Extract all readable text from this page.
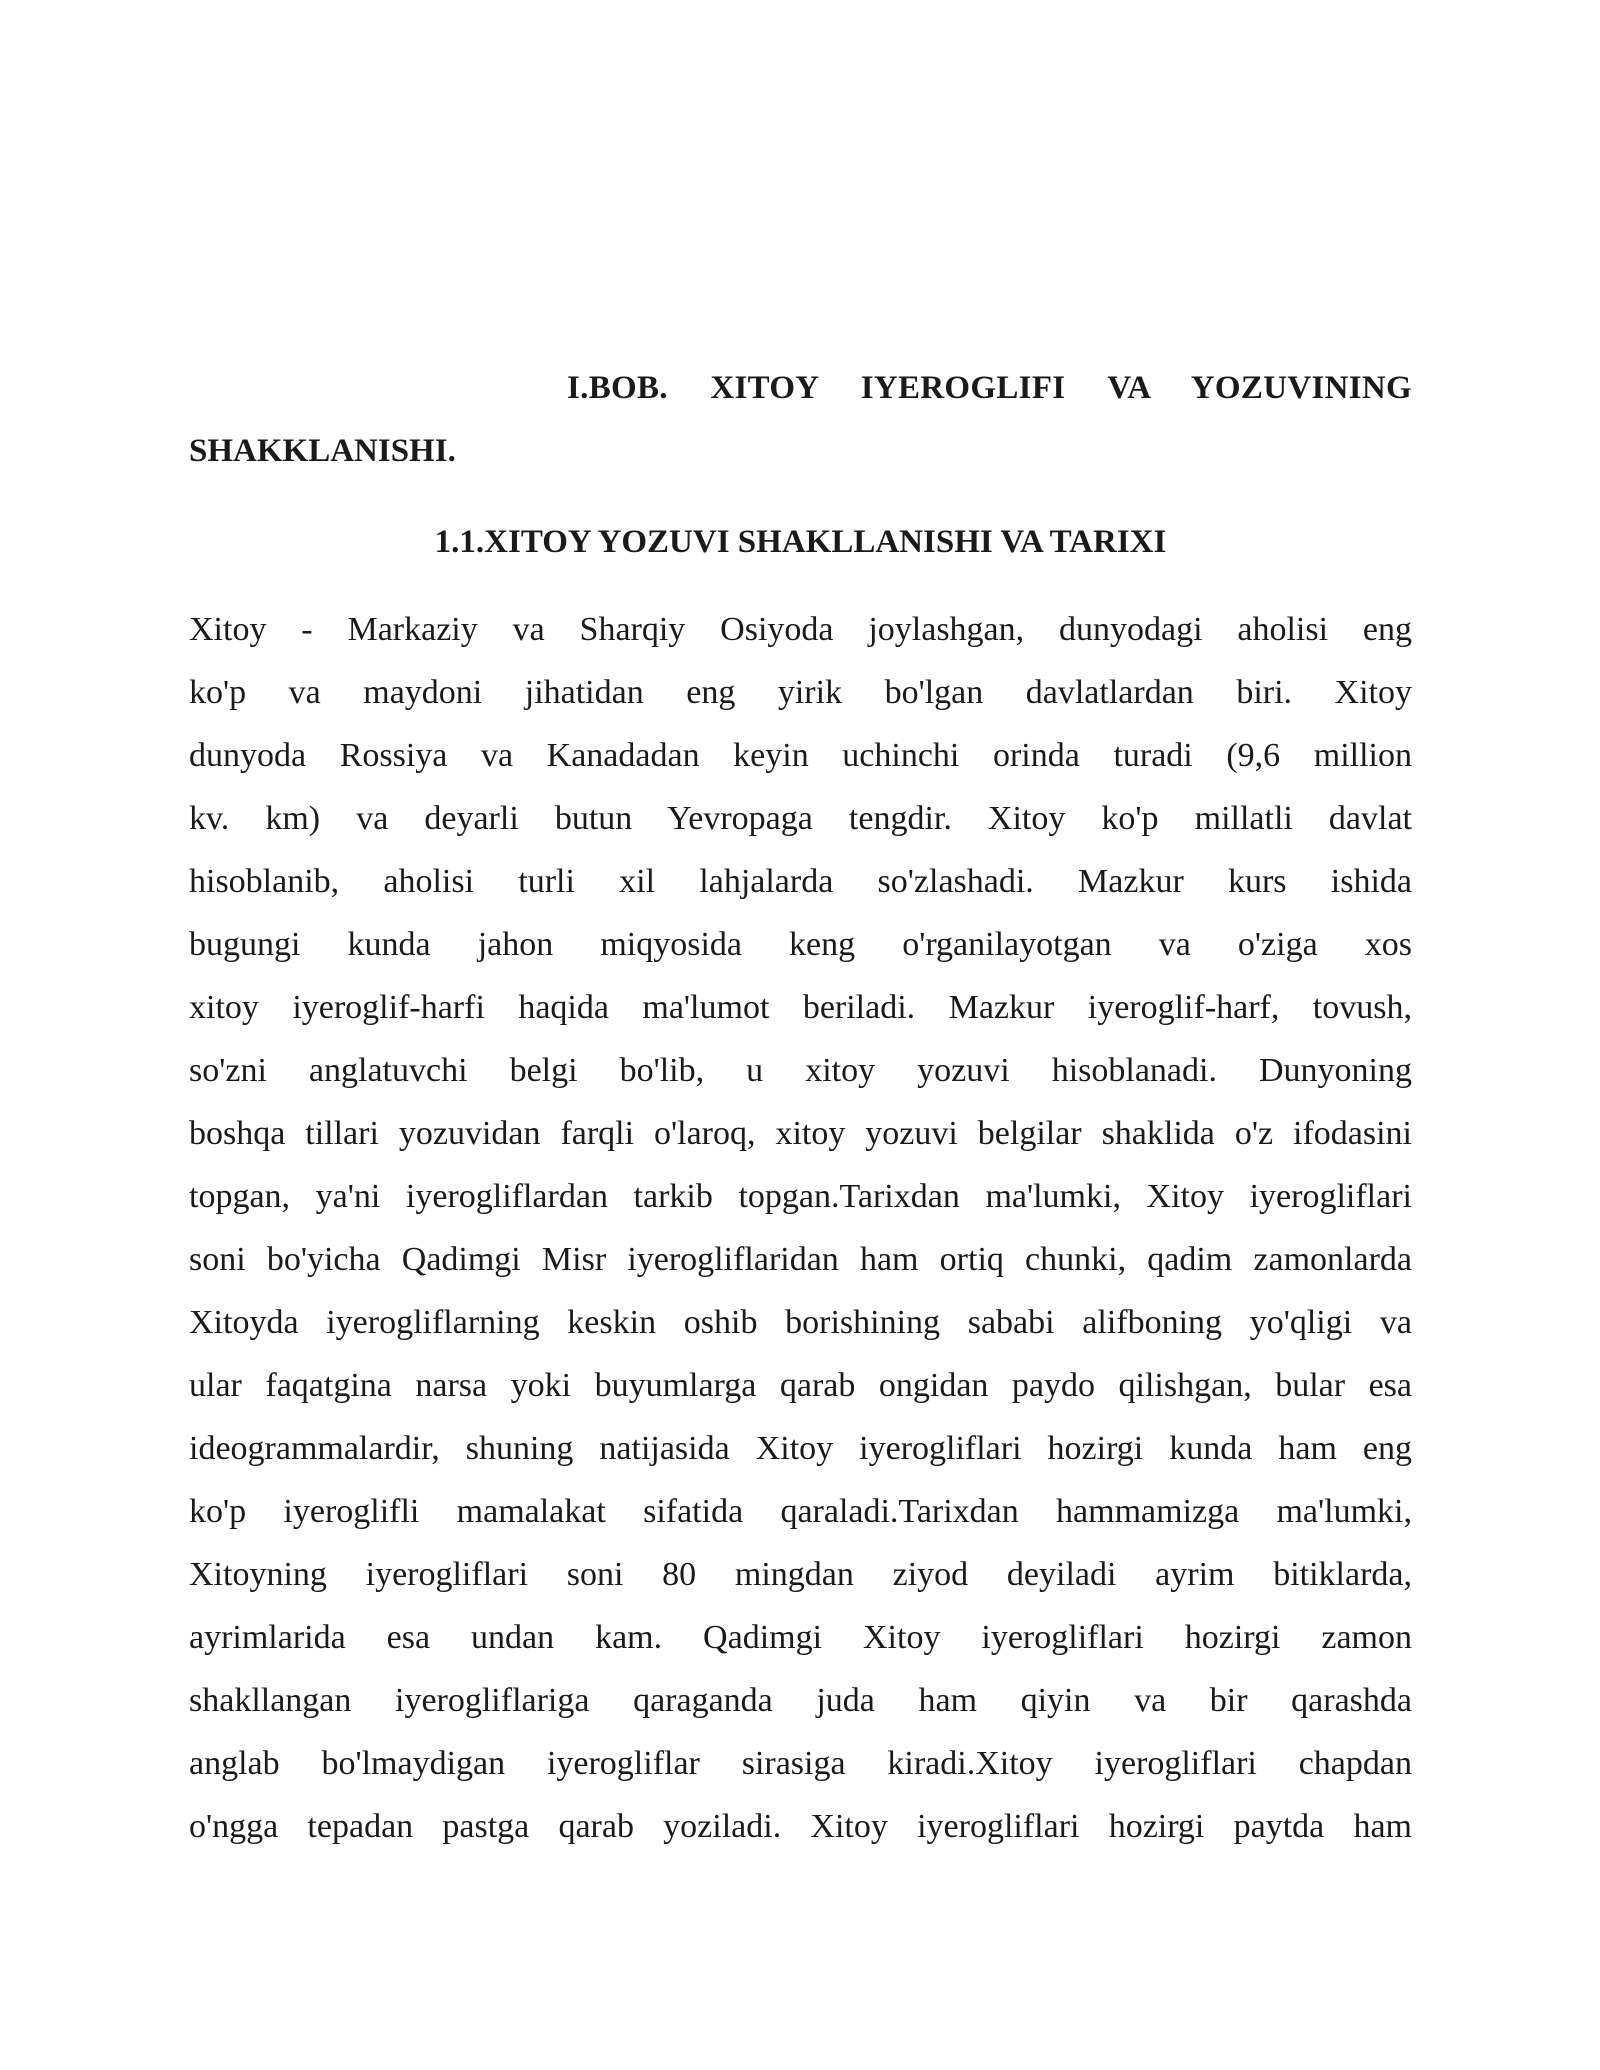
I.BOB. XITOY IYEROGLIFI VA YOZUVINING
SHAKKLANISHI.
1.1.XITOY YOZUVI SHAKLLANISHI VA TARIXI
Xitoy - Markaziy va Sharqiy Osiyoda joylashgan, dunyodagi aholisi eng
ko'p va maydoni jihatidan eng yirik bo'lgan davlatlardan biri. Xitoy
dunyoda Rossiya va Kanadadan keyin uchinchi orinda turadi (9,6 million
kv. km) va deyarli butun Yevropaga tengdir. Xitoy ko'p millatli davlat
hisoblanib, aholisi turli xil lahjalarda so'zlashadi. Mazkur kurs ishida
bugungi kunda jahon miqyosida keng o'rganilayotgan va o'ziga xos
xitoy iyeroglif-harfi haqida ma'lumot beriladi. Mazkur iyeroglif-harf, tovush,
so'zni anglatuvchi belgi bo'lib, u xitoy yozuvi hisoblanadi. Dunyoning
boshqa tillari yozuvidan farqli o'laroq, xitoy yozuvi belgilar shaklida o'z ifodasini
topgan, ya'ni iyerogliflardan tarkib topgan.Tarixdan ma'lumki, Xitoy iyerogliflari
soni bo'yicha Qadimgi Misr iyerogliflaridan ham ortiq chunki, qadim zamonlarda
Xitoyda iyerogliflarning keskin oshib borishining sababi alifboning yo'qligi va
ular faqatgina narsa yoki buyumlarga qarab ongidan paydo qilishgan, bular esa
ideogrammalardir, shuning natijasida Xitoy iyerogliflari hozirgi kunda ham eng
ko'p iyeroglifli mamalakat sifatida qaraladi.Tarixdan hammamizga ma'lumki,
Xitoyning iyerogliflari soni 80 mingdan ziyod deyiladi ayrim bitiklarda,
ayrimlarida esa undan kam. Qadimgi Xitoy iyerogliflari hozirgi zamon
shakllangan iyerogliflariga qaraganda juda ham qiyin va bir qarashda
anglab bo'lmaydigan iyerogliflar sirasiga kiradi.Xitoy iyerogliflari chapdan
o'ngga tepadan pastga qarab yoziladi. Xitoy iyerogliflari hozirgi paytda ham
